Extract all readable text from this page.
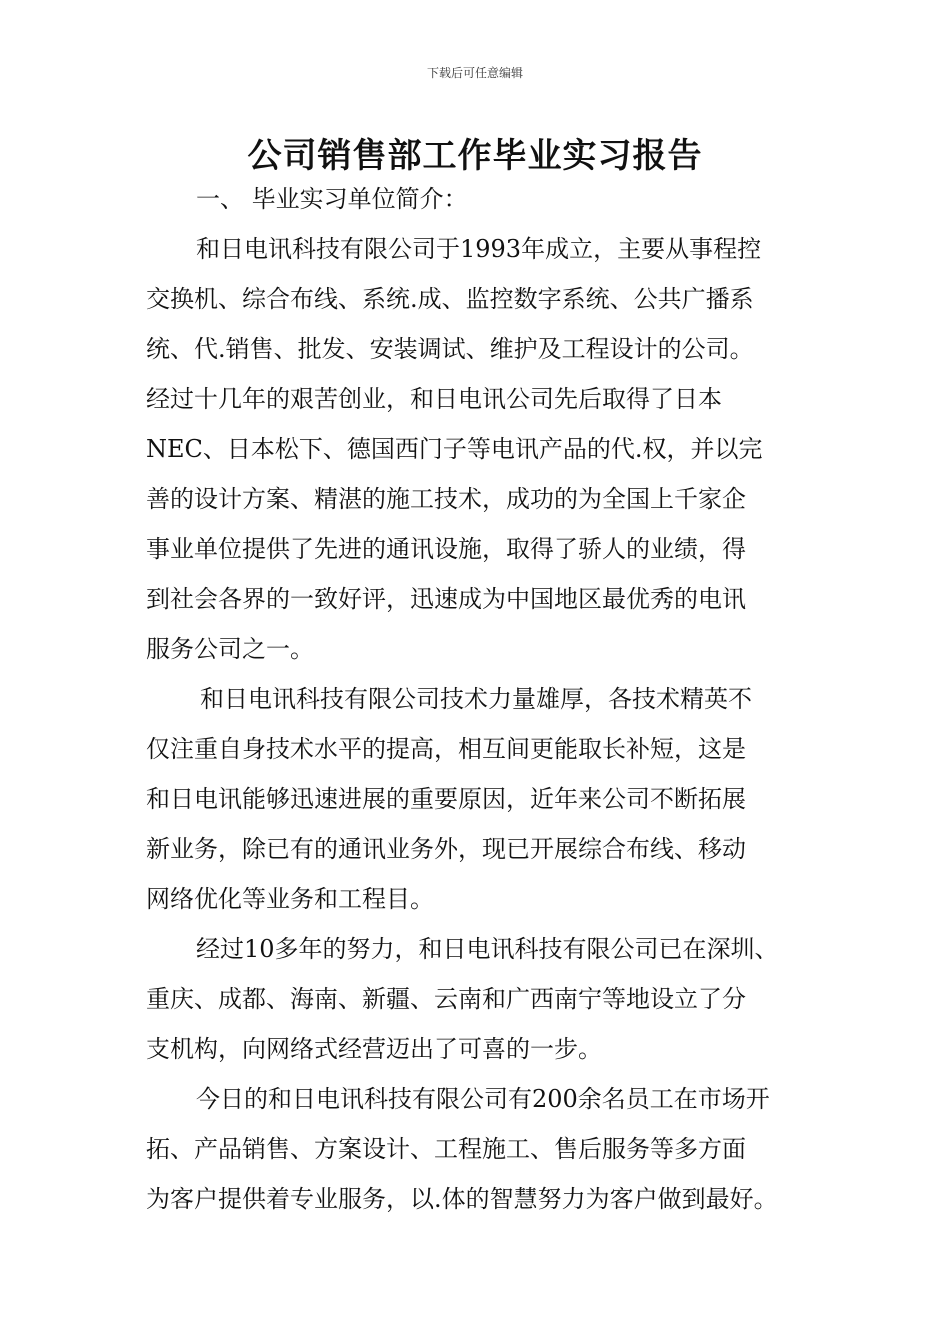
下载后可任意编辑
公司销售部工作毕业实习报告
一、 毕业实习单位简介：
和日电讯科技有限公司于1993年成立，主要从事程控
交换机、综合布线、系统.成、监控数字系统、公共广播系
统、代.销售、批发、安装调试、维护及工程设计的公司。
经过十几年的艰苦创业，和日电讯公司先后取得了日本
NEC、日本松下、德国西门子等电讯产品的代.权，并以完
善的设计方案、精湛的施工技术，成功的为全国上千家企
事业单位提供了先进的通讯设施，取得了骄人的业绩，得
到社会各界的一致好评，迅速成为中国地区最优秀的电讯
服务公司之一。
和日电讯科技有限公司技术力量雄厚，各技术精英不
仅注重自身技术水平的提高，相互间更能取长补短，这是
和日电讯能够迅速进展的重要原因，近年来公司不断拓展
新业务，除已有的通讯业务外，现已开展综合布线、移动
网络优化等业务和工程目。
经过10多年的努力，和日电讯科技有限公司已在深圳、
重庆、成都、海南、新疆、云南和广西南宁等地设立了分
支机构，向网络式经营迈出了可喜的一步。
今日的和日电讯科技有限公司有200余名员工在市场开
拓、产品销售、方案设计、工程施工、售后服务等多方面
为客户提供着专业服务，以.体的智慧努力为客户做到最好。
